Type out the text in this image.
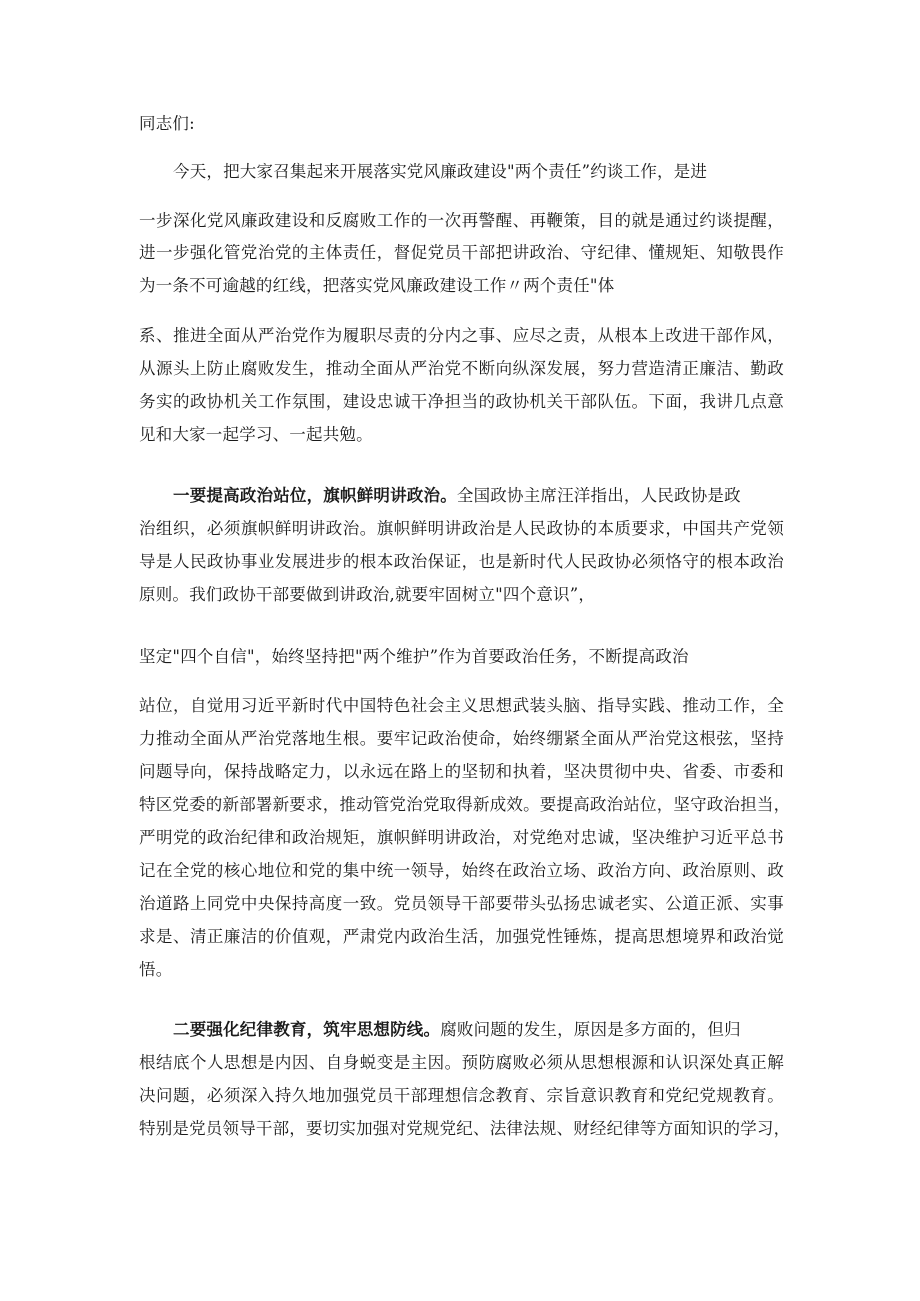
同志们:
今天，把大家召集起来开展落实党风廉政建设"两个责任”约谈工作，是进
一步深化党风廉政建设和反腐败工作的一次再警醒、再鞭策，目的就是通过约谈提醒，
进一步强化管党治党的主体责任，督促党员干部把讲政治、守纪律、懂规矩、知敬畏作
为一条不可逾越的红线，把落实党风廉政建设工作〃两个责任"体
系、推进全面从严治党作为履职尽责的分内之事、应尽之责，从根本上改进干部作风，
从源头上防止腐败发生，推动全面从严治党不断向纵深发展，努力营造清正廉洁、勤政
务实的政协机关工作氛围，建设忠诚干净担当的政协机关干部队伍。下面，我讲几点意
见和大家一起学习、一起共勉。
一要提高政治站位，旗帜鲜明讲政治。全国政协主席汪洋指出，人民政协是政
治组织，必须旗帜鲜明讲政治。旗帜鲜明讲政治是人民政协的本质要求，中国共产党领
导是人民政协事业发展进步的根本政治保证，也是新时代人民政协必须恪守的根本政治
原则。我们政协干部要做到讲政治,就要牢固树立"四个意识”，
坚定"四个自信"，始终坚持把"两个维护”作为首要政治任务，不断提高政治
站位，自觉用习近平新时代中国特色社会主义思想武装头脑、指导实践、推动工作，全
力推动全面从严治党落地生根。要牢记政治使命，始终绷紧全面从严治党这根弦，坚持
问题导向，保持战略定力，以永远在路上的坚韧和执着，坚决贯彻中央、省委、市委和
特区党委的新部署新要求，推动管党治党取得新成效。要提高政治站位，坚守政治担当，
严明党的政治纪律和政治规矩，旗帜鲜明讲政治，对党绝对忠诚，坚决维护习近平总书
记在全党的核心地位和党的集中统一领导，始终在政治立场、政治方向、政治原则、政
治道路上同党中央保持高度一致。党员领导干部要带头弘扬忠诚老实、公道正派、实事
求是、清正廉洁的价值观，严肃党内政治生活，加强党性锤炼，提高思想境界和政治觉
悟。
二要强化纪律教育，筑牢思想防线。腐败问题的发生，原因是多方面的，但归
根结底个人思想是内因、自身蜕变是主因。预防腐败必须从思想根源和认识深处真正解
决问题，必须深入持久地加强党员干部理想信念教育、宗旨意识教育和党纪党规教育。
特别是党员领导干部，要切实加强对党规党纪、法律法规、财经纪律等方面知识的学习，
